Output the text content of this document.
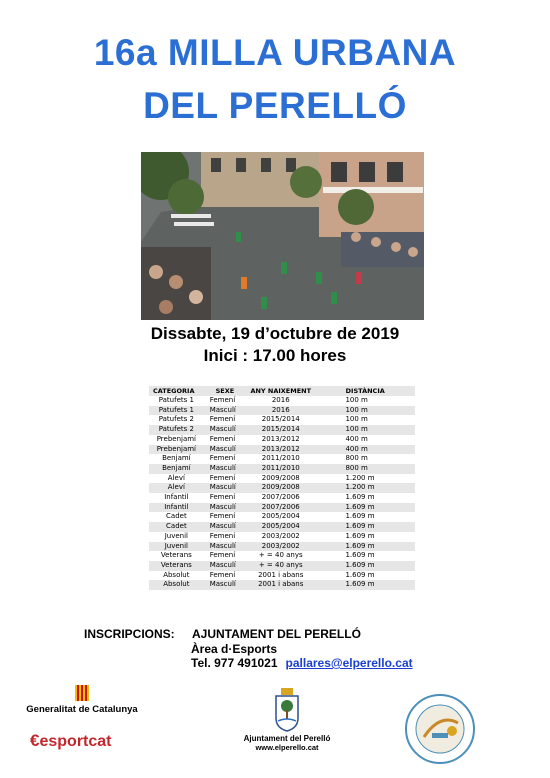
16a MILLA URBANA
DEL PERELLÓ
Dissabte, 19 d’octubre de 2019
Inici : 17.00 hores
CATEGORIA	SEXE	ANY NAIXEMENT	DISTÀNCIA
Patufets 1	Femení	2016	100 m
Patufets 1	Masculí	2016	100 m
Patufets 2	Femení	2015/2014	100 m
Patufets 2	Masculí	2015/2014	100 m
Prebenjamí	Femení	2013/2012	400 m
Prebenjamí	Masculí	2013/2012	400 m
Benjamí	Femení	2011/2010	800 m
Benjamí	Masculí	2011/2010	800 m
Aleví	Femení	2009/2008	1.200 m
Aleví	Masculí	2009/2008	1.200 m
Infantil	Femení	2007/2006	1.609 m
Infantil	Masculí	2007/2006	1.609 m
Cadet	Femení	2005/2004	1.609 m
Cadet	Masculí	2005/2004	1.609 m
Juvenil	Femení	2003/2002	1.609 m
Juvenil	Masculí	2003/2002	1.609 m
Veterans	Femení	+ = 40 anys	1.609 m
Veterans	Masculí	+ = 40 anys	1.609 m
Absolut	Femení	2001 i abans	1.609 m
Absolut	Masculí	2001 i abans	1.609 m
INSCRIPCIONS: AJUNTAMENT DEL PERELLÓ
Àrea d·Esports
Tel. 977 491021 pallares@elperello.cat
Generalitat de Catalunya
€esportcat	Ajuntament del Perelló
www.elperello.cat
